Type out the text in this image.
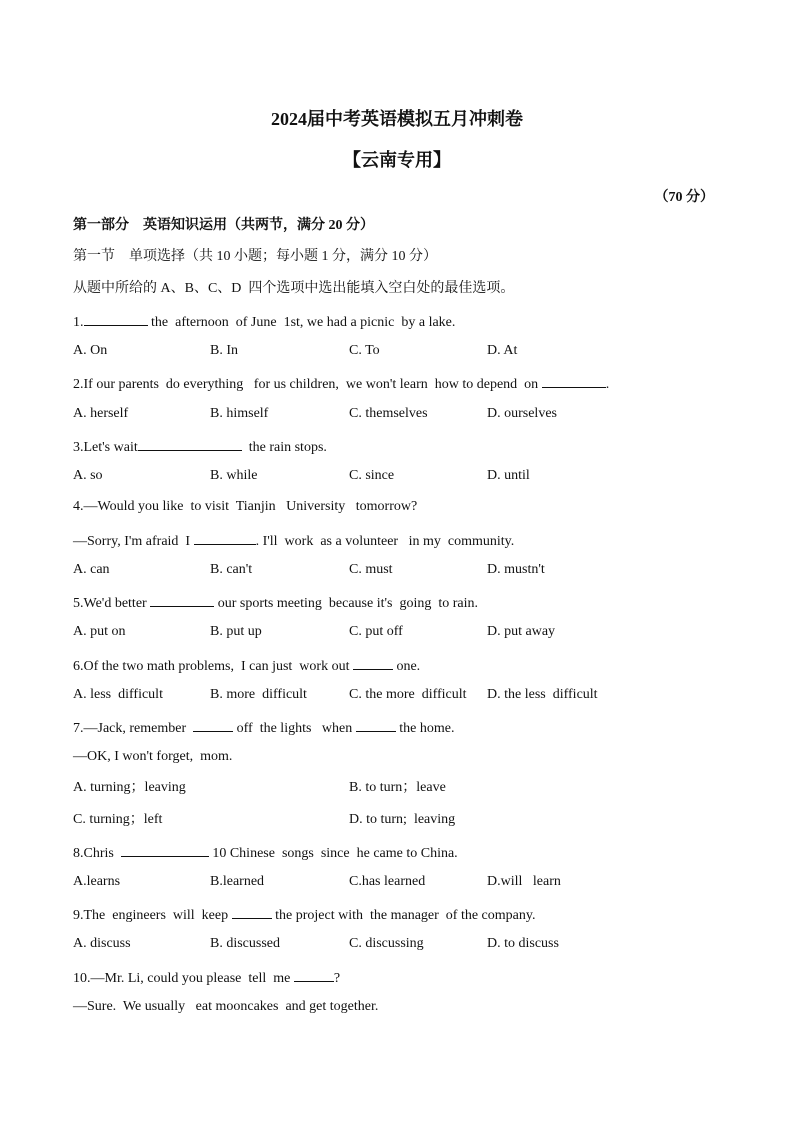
2024届中考英语模拟五月冲刺卷
【云南专用】
（70 分）
第一部分　英语知识运用（共两节，满分 20 分）
第一节　单项选择（共 10 小题；每小题 1 分，满分 10 分）
从题中所给的 A、B、C、D  四个选项中选出能填入空白处的最佳选项。
1.	the  afternoon  of June  1st, we had a picnic  by a lake.
A. On	B. In	C. To	D. At
2.If our parents  do everything   for us children,  we won't learn  how to depend  on	.
A. herself	B. himself	C. themselves	D. ourselves
3.Let's wait	the rain stops.
A. so	B. while	C. since	D. until
4.—Would you like  to visit  Tianjin   University   tomorrow?
—Sorry, I'm afraid  I	. I'll  work  as a volunteer   in my  community.
A. can	B. can't	C. must	D. mustn't
5.We'd better	our sports meeting  because it's  going  to rain.
A. put on	B. put up	C. put off	D. put away
6.Of the two math problems,  I can just  work out	one.
A. less  difficult	B. more  difficult	C. the more  difficult D. the less  difficult
7.—Jack, remember	off  the lights   when	the home.
—OK, I won't forget,  mom.
A. turning；leaving	B. to turn；leave
C. turning；left	D. to turn;  leaving
8.Chris	10 Chinese  songs  since  he came to China.
A.learns	B.learned	C.has learned	D.will   learn
9.The  engineers  will  keep	the project with  the manager  of the company.
A. discuss	B. discussed	C. discussing	D. to discuss
10.—Mr. Li, could you please  tell  me	?
—Sure.  We usually   eat mooncakes  and get together.
